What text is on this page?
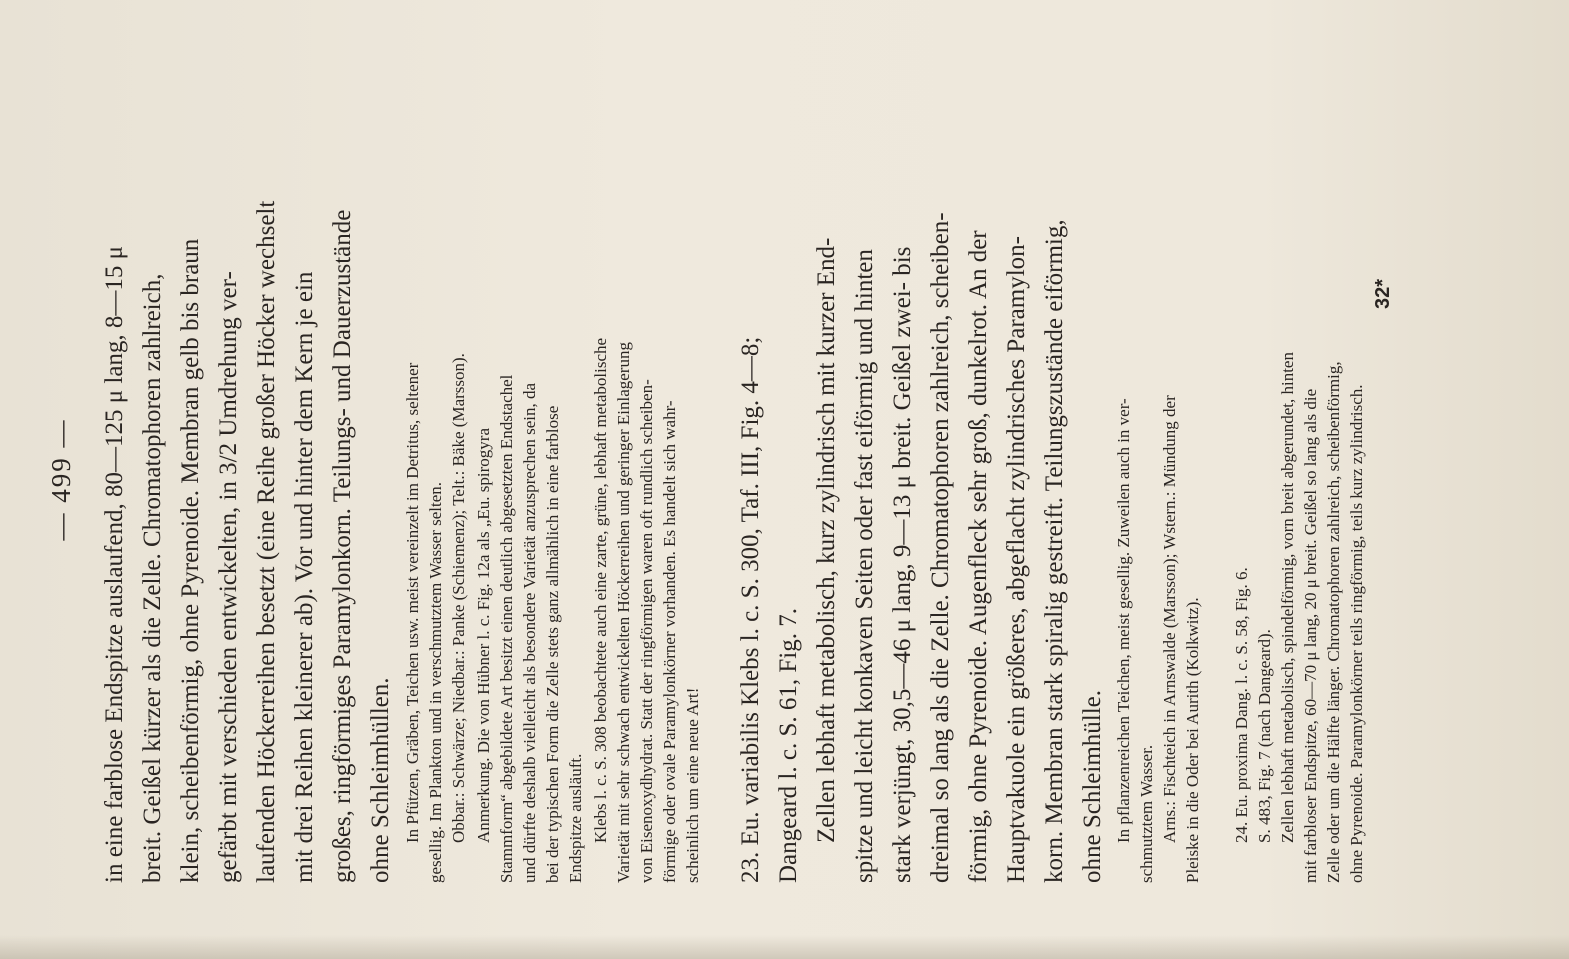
— 499 — in eine farblose Endspitze auslaufend, 80—125 μ lang, 8—15 μ breit. Geißel kürzer als die Zelle. Chromatophoren zahlreich, klein, scheibenförmig, ohne Pyrenoide. Membran gelb bis braun gefärbt mit verschieden entwickelten, in 3/2 Umdrehung ver- laufenden Höckerreihen besetzt (eine Reihe großer Höcker wechselt mit drei Reihen kleinerer ab). Vor und hinter dem Kern je ein großes, ringförmiges Paramylonkorn. Teilungs- und Dauerzustände ohne Schleimhüllen. In Pfützen, Gräben, Teichen usw. meist vereinzelt im Detritus, seltener gesellig. Im Plankton und in verschmutztem Wasser selten. Obbar.: Schwärze; Niedbar.: Panke (Schiemenz); Telt.: Bäke (Marsson). Anmerkung. Die von Hübner l. c. Fig. 12a als „Eu. spirogyra Stammform“ abgebildete Art besitzt einen deutlich abgesetzten Endstachel und dürfte deshalb vielleicht als besondere Varietät anzusprechen sein, da bei der typischen Form die Zelle stets ganz allmählich in eine farblose Endspitze ausläuft. Klebs l. c. S. 308 beobachtete auch eine zarte, grüne, lebhaft metabolische Varietät mit sehr schwach entwickelten Höckerreihen und geringer Einlagerung von Eisenoxydhydrat. Statt der ringförmigen waren oft rundlich scheiben- förmige oder ovale Paramylonkörner vorhanden. Es handelt sich wahr- scheinlich um eine neue Art! 23. Eu. variabilis Klebs l. c. S. 300, Taf. III, Fig. 4—8; Dangeard l. c. S. 61, Fig. 7. Zellen lebhaft metabolisch, kurz zylindrisch mit kurzer End- spitze und leicht konkaven Seiten oder fast eiförmig und hinten stark verjüngt, 30,5—46 μ lang, 9—13 μ breit. Geißel zwei- bis dreimal so lang als die Zelle. Chromatophoren zahlreich, scheiben- förmig, ohne Pyrenoide. Augenfleck sehr groß, dunkelrot. An der Hauptvakuole ein größeres, abgeflacht zylindrisches Paramylon- korn. Membran stark spiralig gestreift. Teilungszustände eiförmig, ohne Schleimhülle. In pflanzenreichen Teichen, meist gesellig. Zuweilen auch in ver- schmutztem Wasser. Arns.: Fischteich in Arnswalde (Marsson); Wstern.: Mündung der Pleiske in die Oder bei Aurith (Kolkwitz). 24. Eu. proxima Dang. l. c. S. 58, Fig. 6. S. 483, Fig. 7 (nach Dangeard). Zellen lebhaft metabolisch, spindelförmig, vorn breit abgerundet, hinten mit farbloser Endspitze, 60—70 μ lang, 20 μ breit. Geißel so lang als die Zelle oder um die Hälfte länger. Chromatophoren zahlreich, scheibenförmig, ohne Pyrenoide. Paramylonkörner teils ringförmig, teils kurz zylindrisch.
32*
